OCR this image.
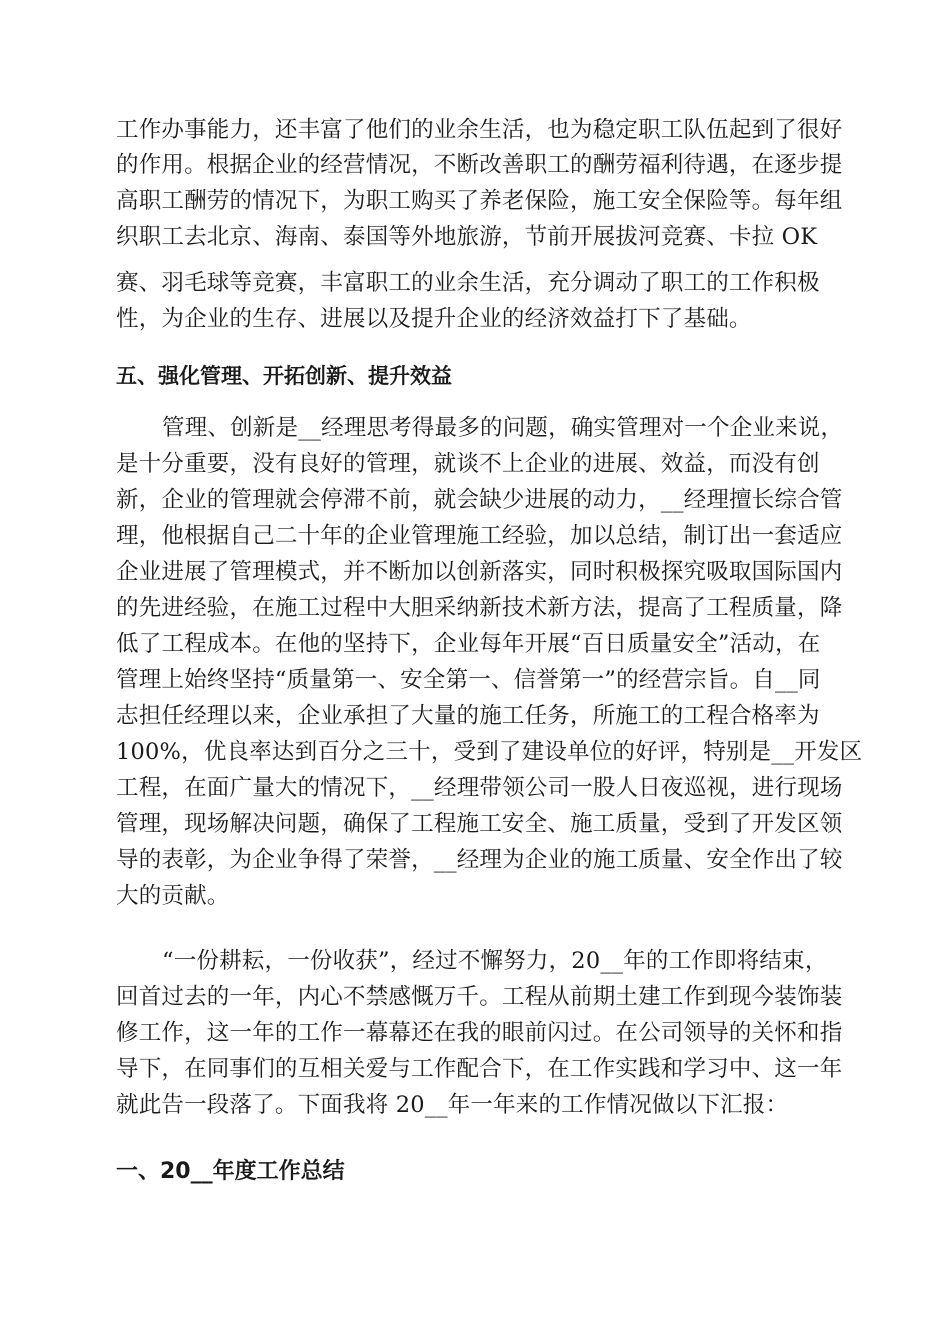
工作办事能力，还丰富了他们的业余生活，也为稳定职工队伍起到了很好
的作用。根据企业的经营情况，不断改善职工的酬劳福利待遇，在逐步提
高职工酬劳的情况下，为职工购买了养老保险，施工安全保险等。每年组
织职工去北京、海南、泰国等外地旅游，节前开展拔河竞赛、卡拉 OK
赛、羽毛球等竞赛，丰富职工的业余生活，充分调动了职工的工作积极
性，为企业的生存、进展以及提升企业的经济效益打下了基础。
五、强化管理、开拓创新、提升效益
管理、创新是__经理思考得最多的问题，确实管理对一个企业来说，
是十分重要，没有良好的管理，就谈不上企业的进展、效益，而没有创
新，企业的管理就会停滞不前，就会缺少进展的动力，__经理擅长综合管
理，他根据自己二十年的企业管理施工经验，加以总结，制订出一套适应
企业进展了管理模式，并不断加以创新落实，同时积极探究吸取国际国内
的先进经验，在施工过程中大胆采纳新技术新方法，提高了工程质量，降
低了工程成本。在他的坚持下，企业每年开展“百日质量安全”活动，在
管理上始终坚持“质量第一、安全第一、信誉第一”的经营宗旨。自__同
志担任经理以来，企业承担了大量的施工任务，所施工的工程合格率为
100%，优良率达到百分之三十，受到了建设单位的好评，特别是__开发区
工程，在面广量大的情况下，__经理带领公司一股人日夜巡视，进行现场
管理，现场解决问题，确保了工程施工安全、施工质量，受到了开发区领
导的表彰，为企业争得了荣誉，__经理为企业的施工质量、安全作出了较
大的贡献。
“一份耕耘，一份收获”，经过不懈努力，20__年的工作即将结束，
回首过去的一年，内心不禁感慨万千。工程从前期土建工作到现今装饰装
修工作，这一年的工作一幕幕还在我的眼前闪过。在公司领导的关怀和指
导下，在同事们的互相关爱与工作配合下，在工作实践和学习中、这一年
就此告一段落了。下面我将 20__年一年来的工作情况做以下汇报：
一、20__年度工作总结
